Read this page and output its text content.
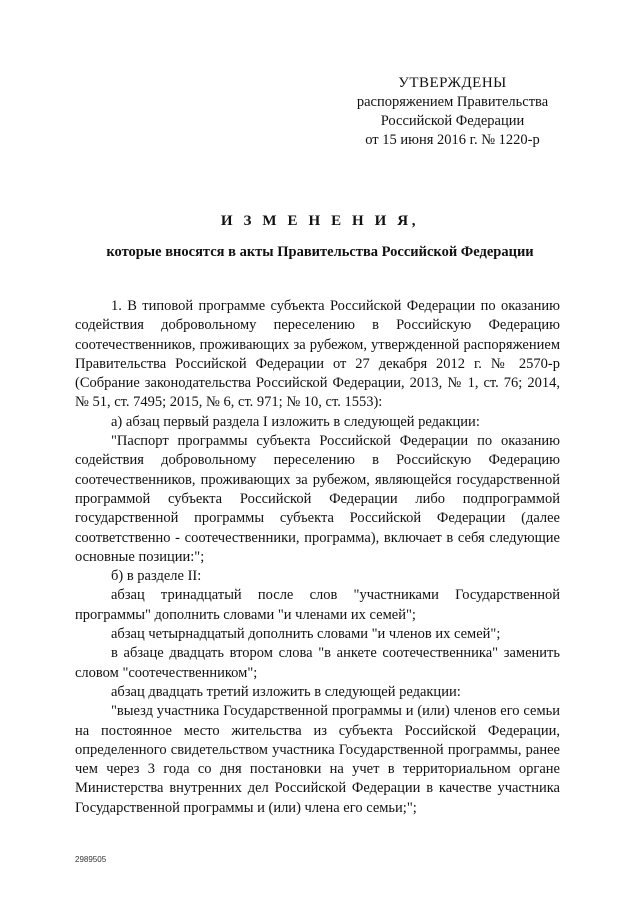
УТВЕРЖДЕНЫ
распоряжением Правительства
Российской Федерации
от 15 июня 2016 г. № 1220-р
И З М Е Н Е Н И Я,
которые вносятся в акты Правительства Российской Федерации

1. В типовой программе субъекта Российской Федерации по оказанию содействия добровольному переселению в Российскую Федерацию соотечественников, проживающих за рубежом, утвержденной распоряжением Правительства Российской Федерации от 27 декабря 2012 г. № 2570-р (Собрание законодательства Российской Федерации, 2013, № 1, ст. 76; 2014, № 51, ст. 7495; 2015, № 6, ст. 971; № 10, ст. 1553):

а) абзац первый раздела I изложить в следующей редакции:

"Паспорт программы субъекта Российской Федерации по оказанию содействия добровольному переселению в Российскую Федерацию соотечественников, проживающих за рубежом, являющейся государственной программой субъекта Российской Федерации либо подпрограммой государственной программы субъекта Российской Федерации (далее соответственно - соотечественники, программа), включает в себя следующие основные позиции:";

б) в разделе II:

абзац тринадцатый после слов "участниками Государственной программы" дополнить словами "и членами их семей";

абзац четырнадцатый дополнить словами "и членов их семей";

в абзаце двадцать втором слова "в анкете соотечественника" заменить словом "соотечественником";

абзац двадцать третий изложить в следующей редакции:

"выезд участника Государственной программы и (или) членов его семьи на постоянное место жительства из субъекта Российской Федерации, определенного свидетельством участника Государственной программы, ранее чем через 3 года со дня постановки на учет в территориальном органе Министерства внутренних дел Российской Федерации в качестве участника Государственной программы и (или) члена его семьи;";

2989505
